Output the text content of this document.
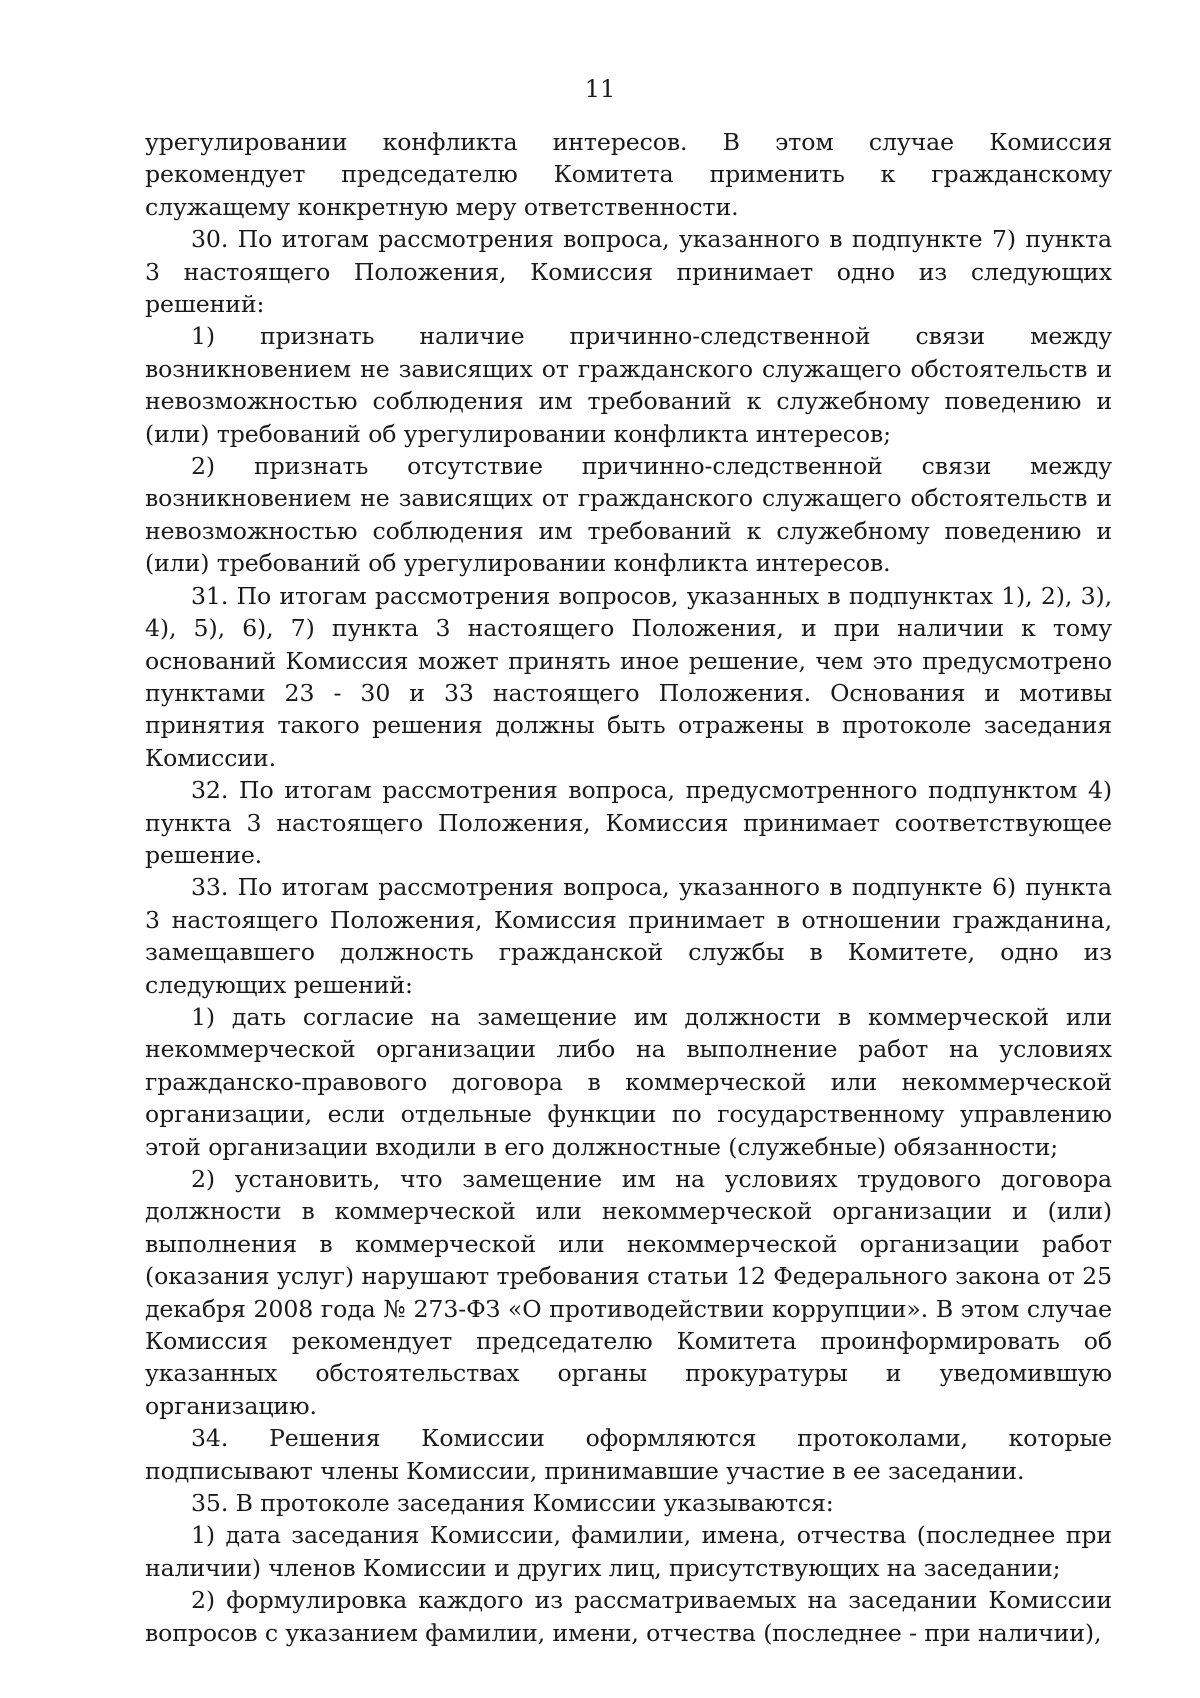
11

урегулировании конфликта интересов. В этом случае Комиссия рекомендует председателю Комитета применить к гражданскому служащему конкретную меру ответственности.

30. По итогам рассмотрения вопроса, указанного в подпункте 7) пункта 3 настоящего Положения, Комиссия принимает одно из следующих решений:

1) признать наличие причинно-следственной связи между возникновением не зависящих от гражданского служащего обстоятельств и невозможностью соблюдения им требований к служебному поведению и (или) требований об урегулировании конфликта интересов;

2) признать отсутствие причинно-следственной связи между возникновением не зависящих от гражданского служащего обстоятельств и невозможностью соблюдения им требований к служебному поведению и (или) требований об урегулировании конфликта интересов.

31. По итогам рассмотрения вопросов, указанных в подпунктах 1), 2), 3), 4), 5), 6), 7) пункта 3 настоящего Положения, и при наличии к тому оснований Комиссия может принять иное решение, чем это предусмотрено пунктами 23 - 30 и 33 настоящего Положения. Основания и мотивы принятия такого решения должны быть отражены в протоколе заседания Комиссии.

32. По итогам рассмотрения вопроса, предусмотренного подпунктом 4) пункта 3 настоящего Положения, Комиссия принимает соответствующее решение.

33. По итогам рассмотрения вопроса, указанного в подпункте 6) пункта 3 настоящего Положения, Комиссия принимает в отношении гражданина, замещавшего должность гражданской службы в Комитете, одно из следующих решений:

1) дать согласие на замещение им должности в коммерческой или некоммерческой организации либо на выполнение работ на условиях гражданско-правового договора в коммерческой или некоммерческой организации, если отдельные функции по государственному управлению этой организации входили в его должностные (служебные) обязанности;

2) установить, что замещение им на условиях трудового договора должности в коммерческой или некоммерческой организации и (или) выполнения в коммерческой или некоммерческой организации работ (оказания услуг) нарушают требования статьи 12 Федерального закона от 25 декабря 2008 года № 273-ФЗ «О противодействии коррупции». В этом случае Комиссия рекомендует председателю Комитета проинформировать об указанных обстоятельствах органы прокуратуры и уведомившую организацию.

34. Решения Комиссии оформляются протоколами, которые подписывают члены Комиссии, принимавшие участие в ее заседании.

35. В протоколе заседания Комиссии указываются:

1) дата заседания Комиссии, фамилии, имена, отчества (последнее при наличии) членов Комиссии и других лиц, присутствующих на заседании;

2) формулировка каждого из рассматриваемых на заседании Комиссии вопросов с указанием фамилии, имени, отчества (последнее - при наличии),
